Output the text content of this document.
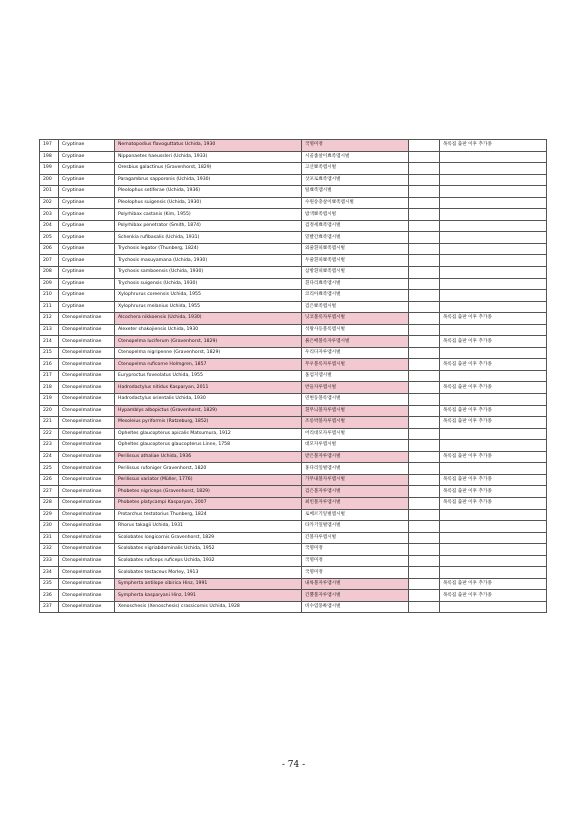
197	Cryptinae	Nematopodius flavoguttatus Uchida, 1930	국명미정		목록집 출판 이후 추가종
198	Cryptinae	Nipponaetes haeussleri (Uchida, 1933)	시골좁살이뾰족맵시벌		
199	Cryptinae	Oresbius galactinus (Gravenhorst, 1829)	고산뾰족맵시벌		
200	Cryptinae	Paragambrus sapporonis (Uchida, 1930)	삿포로뾰족맵시벌		
201	Cryptinae	Pleolophus setiferae (Uchida, 1936)	털뾰족맵시벌		
202	Cryptinae	Pleolophus suigensis (Uchida, 1930)	수원송충살이뾰족맵시벌		
203	Cryptinae	Polyrhibax castanis (Kim, 1955)	밤색뾰족맵시벌		
204	Cryptinae	Polyrhibax penetrator (Smith, 1874)	검정세뾰족맵시벌		
205	Cryptinae	Schenkia rufibasalis (Uchida, 1931)	밑빨간뾰족맵시벌		
206	Cryptinae	Trychosis legator (Thunberg, 1824)	외줄흰띠뾰족맵시벌		
207	Cryptinae	Trychosis masuyamana (Uchida, 1930)	두줄흰띠뾰족맵시벌		
208	Cryptinae	Trychosis samboensis (Uchida, 1930)	삼방흰띠뾰족맵시벌		
209	Cryptinae	Trychosis suigensis (Uchida, 1930)	흰다리뾰족맵시벌		
210	Cryptinae	Xylophrurus coreensis Uchida, 1955	코리아뾰족맵시벌		
211	Cryptinae	Xylophrurus melanius Uchida, 1955	검은뾰족맵시벌		
212	Ctenopelmatinae	Alcochera nikkoensis (Uchida, 1930)	닛코볼록자루맵시벌		목록집 출판 이후 추가종
213	Ctenopelmatinae	Alexeter shakojiensis Uchida, 1930	석왕사등볼록맵시벌		
214	Ctenopelmatinae	Ctenopelma luciferum (Gravenhorst, 1829)	붉은배볼록자루맵시벌		목록집 출판 이후 추가종
215	Ctenopelmatinae	Ctenopelma nigripenne (Gravenhorst, 1829)	우리다자루맵시벌		
216	Ctenopelmatinae	Ctenopelma ruficorne Holmgren, 1857	무우볼록자루맵시벌		목록집 출판 이후 추가종
217	Ctenopelmatinae	Euryproctus foveolatus Uchida, 1955	홈엄지맵시벌		
218	Ctenopelmatinae	Hadrodactylus nitidus Kasparyan, 2011	반들자루맵시벌		목록집 출판 이후 추가종
219	Ctenopelmatinae	Hadrodactylus orientalis Uchida, 1930	연변등볼록맵시벌		
220	Ctenopelmatinae	Hypamblys albopictus (Gravenhorst, 1829)	흰무늬볼자루맵시벌		목록집 출판 이후 추가종
221	Ctenopelmatinae	Mesoleius pyriformis (Ratzeburg, 1852)	조롱박볼자루맵시벌		목록집 출판 이후 추가종
222	Ctenopelmatinae	Opheltes glaucopterus apicalis Matsumura, 1912	어리대모자루맵시벌		
223	Ctenopelmatinae	Opheltes glaucopterus glaucopterus Linne, 1758	대모자루맵시벌		
224	Ctenopelmatinae	Perilissus athaliae Uchida, 1936	받은볼자루맵시벌		목록집 출판 이후 추가종
225	Ctenopelmatinae	Perilissus rufoniger Gravenhorst, 1820	홍다리잎벌맵시벌		
226	Ctenopelmatinae	Perilissus variator (Müller, 1776)	가무내볼자루맵시벌		목록집 출판 이후 추가종
227	Ctenopelmatinae	Phobetes nigriceps (Gravenhorst, 1829)	검은볼자루맵시벌		목록집 출판 이후 추가종
228	Ctenopelmatinae	Phobetes platycampi Kasparyan, 2007	최빈볼자루맵시벌		목록집 출판 이후 추가종
229	Ctenopelmatinae	Protarchus testatorius Thunberg, 1824	로베르기잎벌맵시벌		
230	Ctenopelmatinae	Rhorus takagii Uchida, 1931	타카기잎벌맵시벌		
231	Ctenopelmatinae	Scolobates longicornis Gravenhorst, 1829	긴볼자루맵시벌		
232	Ctenopelmatinae	Scolobates nigriabdominalis Uchida, 1952	국명미정		
233	Ctenopelmatinae	Scolobates ruficeps ruficeps Uchida, 1932	국명미정		
234	Ctenopelmatinae	Scolobates testaceus Morley, 1913	국명미정		
235	Ctenopelmatinae	Sympherta antilope sibirica Hinz, 1991	내륙볼자루맵시벌		목록집 출판 이후 추가종
236	Ctenopelmatinae	Sympherta kasparyani Hinz, 1991	긴뿔볼자루맵시벌		목록집 출판 이후 추가종
237	Ctenopelmatinae	Xenoschesis (Xenoschesis) crassicornis Uchida, 1928	비수염뭉툭맵시벌		
- 74 -
